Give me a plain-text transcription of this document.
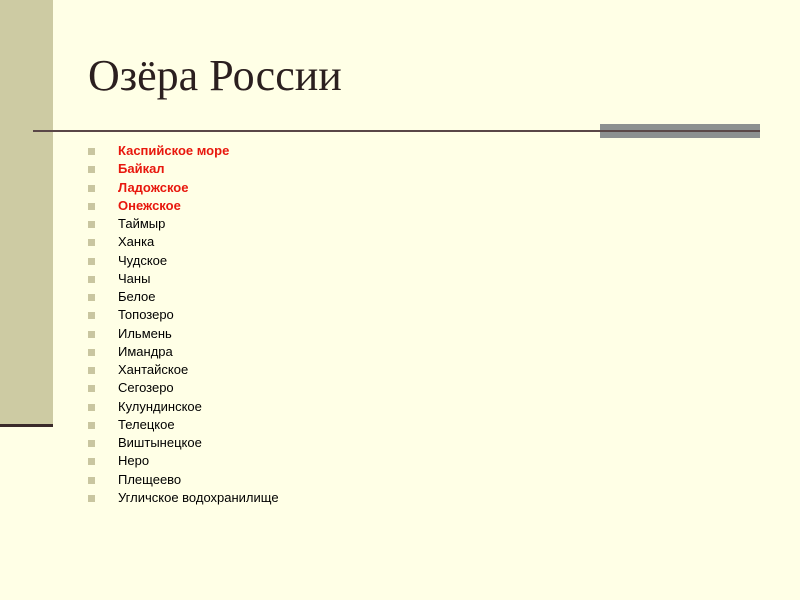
Озёра России
Каспийское море
Байкал
Ладожское
Онежское
Таймыр
Ханка
Чудское
Чаны
Белое
Топозеро
Ильмень
Имандра
Хантайское
Сегозеро
Кулундинское
Телецкое
Виштынецкое
Неро
Плещеево
Угличское водохранилище
